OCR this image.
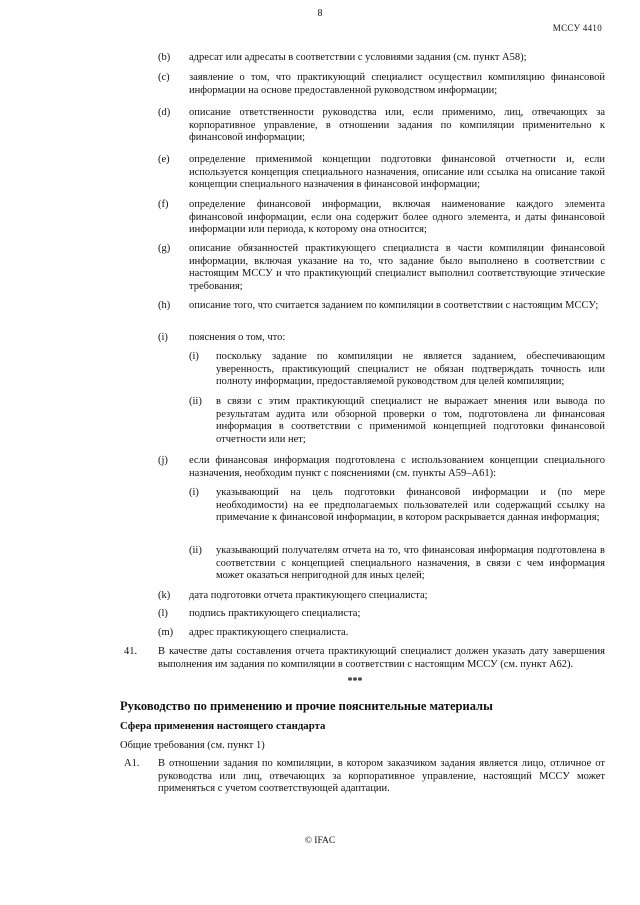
8
МССУ 4410
(b) адресат или адресаты в соответствии с условиями задания (см. пункт A58);
(c) заявление о том, что практикующий специалист осуществил компиляцию финансовой информации на основе предоставленной руководством информации;
(d) описание ответственности руководства или, если применимо, лиц, отвечающих за корпоративное управление, в отношении задания по компиляции применительно к финансовой информации;
(e) определение применимой концепции подготовки финансовой отчетности и, если используется концепция специального назначения, описание или ссылка на описание такой концепции специального назначения в финансовой информации;
(f) определение финансовой информации, включая наименование каждого элемента финансовой информации, если она содержит более одного элемента, и даты финансовой информации или периода, к которому она относится;
(g) описание обязанностей практикующего специалиста в части компиляции финансовой информации, включая указание на то, что задание было выполнено в соответствии с настоящим МССУ и что практикующий специалист выполнил соответствующие этические требования;
(h) описание того, что считается заданием по компиляции в соответствии с настоящим МССУ;
(i) пояснения о том, что:
(i) поскольку задание по компиляции не является заданием, обеспечивающим уверенность, практикующий специалист не обязан подтверждать точность или полноту информации, предоставляемой руководством для целей компиляции;
(ii) в связи с этим практикующий специалист не выражает мнения или вывода по результатам аудита или обзорной проверки о том, подготовлена ли финансовая информация в соответствии с применимой концепцией подготовки финансовой отчетности или нет;
(j) если финансовая информация подготовлена с использованием концепции специального назначения, необходим пункт с пояснениями (см. пункты A59–A61):
(i) указывающий на цель подготовки финансовой информации и (по мере необходимости) на ее предполагаемых пользователей или содержащий ссылку на примечание к финансовой информации, в котором раскрывается данная информация;
(ii) указывающий получателям отчета на то, что финансовая информация подготовлена в соответствии с концепцией специального назначения, в связи с чем информация может оказаться непригодной для иных целей;
(k) дата подготовки отчета практикующего специалиста;
(l) подпись практикующего специалиста;
(m) адрес практикующего специалиста.
41. В качестве даты составления отчета практикующий специалист должен указать дату завершения выполнения им задания по компиляции в соответствии с настоящим МССУ (см. пункт A62).
***
Руководство по применению и прочие пояснительные материалы
Сфера применения настоящего стандарта
Общие требования (см. пункт 1)
A1. В отношении задания по компиляции, в котором заказчиком задания является лицо, отличное от руководства или лиц, отвечающих за корпоративное управление, настоящий МССУ может применяться с учетом соответствующей адаптации.
© IFAC
